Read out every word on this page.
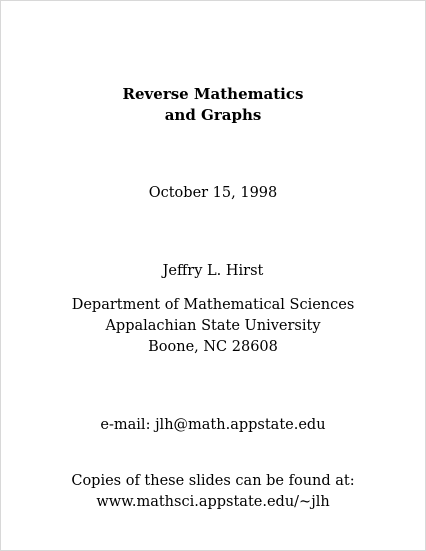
Reverse Mathematics
and Graphs
October 15, 1998
Jeffry L. Hirst
Department of Mathematical Sciences
Appalachian State University
Boone, NC 28608
e-mail: jlh@math.appstate.edu
Copies of these slides can be found at:
www.mathsci.appstate.edu/~jlh
